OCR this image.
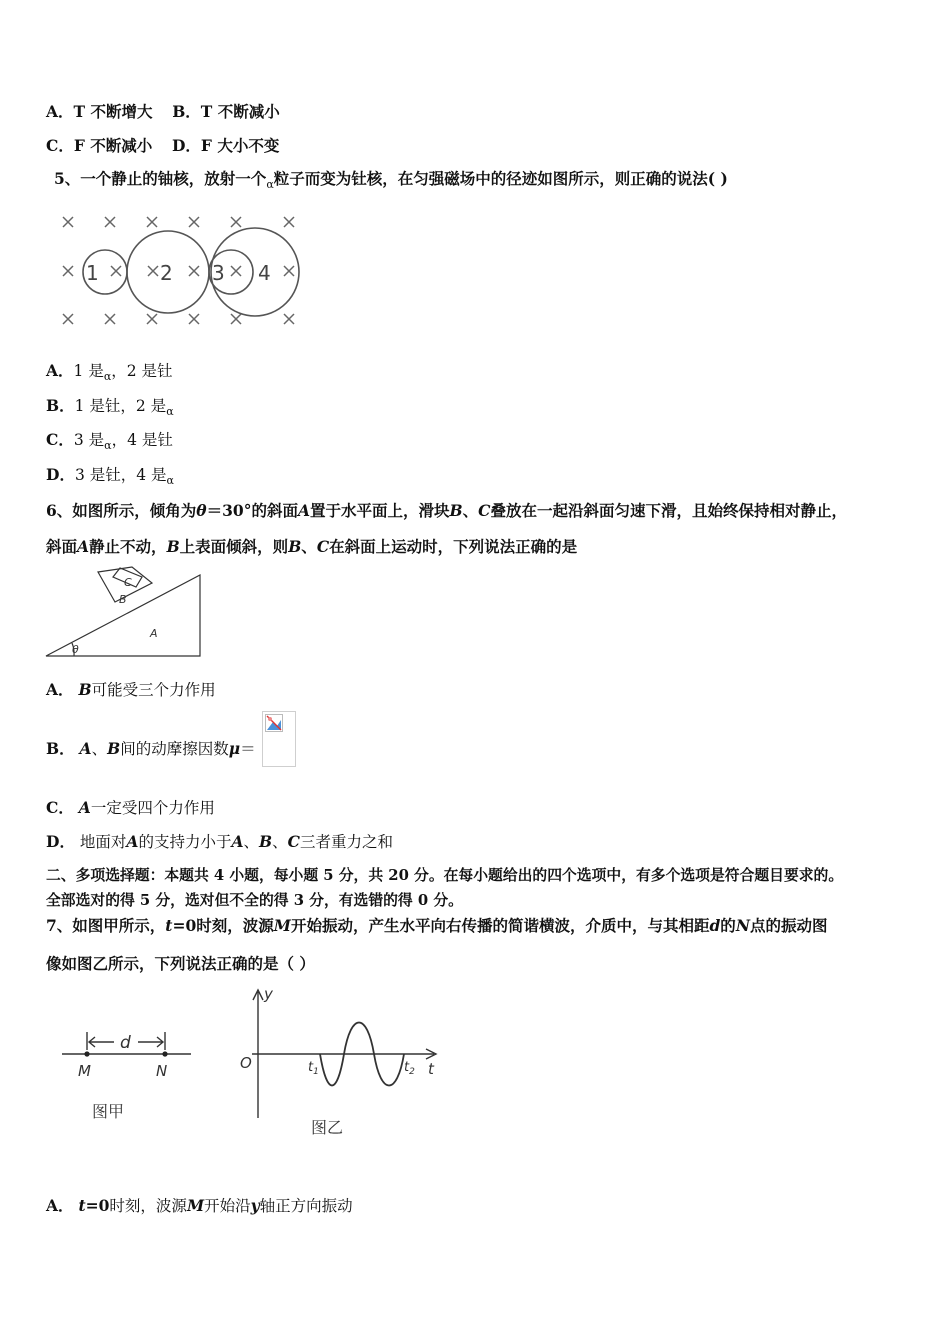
A．T 不断增大 B．T 不断减小
C．F 不断减小 D．F 大小不变
5、一个静止的铀核，放射一个$_\alpha$粒子而变为钍核，在匀强磁场中的径迹如图所示，则正确的说法( )
1	2 3 4
A．1 是$_\alpha$，2 是钍
B．1 是钍，2 是$_\alpha$
C．3 是$_\alpha$，4 是钍
D．3 是钍，4 是$_\alpha$
6、如图所示，倾角为θ＝30°的斜面A置于水平面上，滑块B、C叠放在一起沿斜面匀速下滑，且始终保持相对静止，
斜面A静止不动，B上表面倾斜，则B、C在斜面上运动时，下列说法正确的是
C
B
A
θ
A． B可能受三个力作用
B． A、B间的动摩擦因数μ＝
C． A一定受四个力作用
D． 地面对A的支持力小于A、B、C三者重力之和
二、多项选择题：本题共 4 小题，每小题 5 分，共 20 分。在每小题给出的四个选项中，有多个选项是符合题目要求的。
全部选对的得 5 分，选对但不全的得 3 分，有选错的得 0 分。
7、如图甲所示，t=0时刻，波源M开始振动，产生水平向右传播的简谐横波，介质中，与其相距d的N点的振动图
像如图乙所示，下列说法正确的是（ ）
d
M	N
图甲
y
O	$t_1$	$t_2$ t
图乙
A． t=0时刻，波源M开始沿y轴正方向振动
